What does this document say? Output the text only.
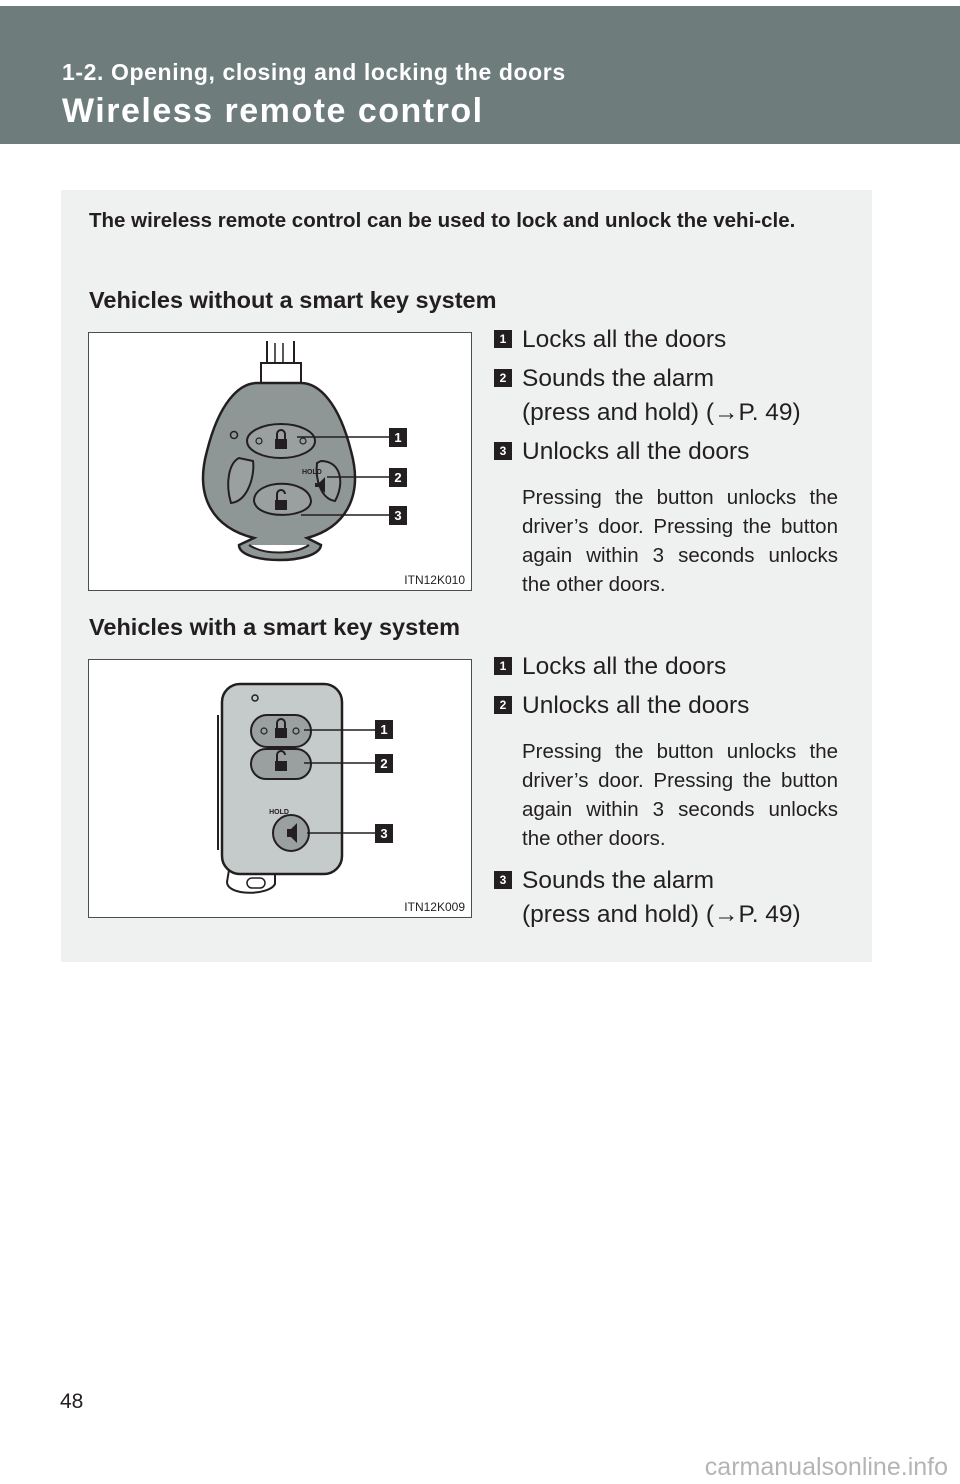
1-2. Opening, closing and locking the doors
Wireless remote control
The wireless remote control can be used to lock and unlock the vehi-cle.
Vehicles without a smart key system
HOLD
1
2
3
ITN12K010
1 Locks all the doors
2 Sounds the alarm
(press and hold) (→P. 49)
3 Unlocks all the doors
Pressing the button unlocks the driver’s door. Pressing the button again within 3 seconds unlocks the other doors.
Vehicles with a smart key system
HOLD
1
2
3
ITN12K009
1 Locks all the doors
2 Unlocks all the doors
Pressing the button unlocks the driver’s door. Pressing the button again within 3 seconds unlocks the other doors.
3 Sounds the alarm
(press and hold) (→P. 49)
48
carmanualsonline.info
